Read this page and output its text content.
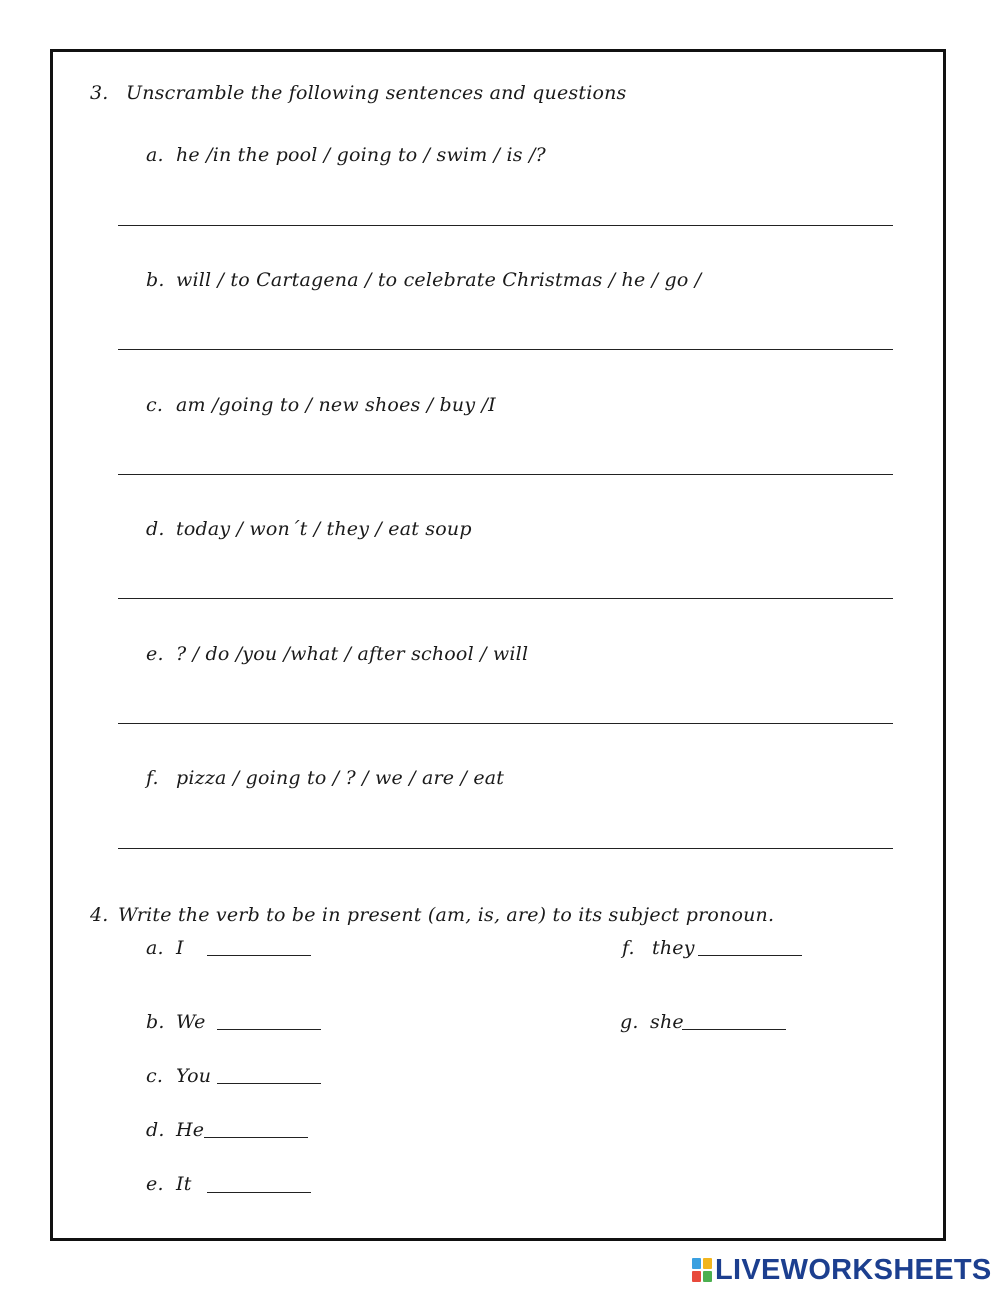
3. Unscramble the following sentences and questions
a. he /in the pool / going to / swim / is /?
b. will / to Cartagena / to celebrate Christmas / he / go /
c. am /going to / new shoes / buy /I
d. today / won´t / they / eat soup
e. ? / do /you /what / after school / will
f. pizza / going to / ? / we / are / eat
4. Write the verb to be in present (am, is, are) to its subject pronoun.
a. I
b. We
c. You
d. He
e. It
f. they
g. she
LIVEWORKSHEETS
